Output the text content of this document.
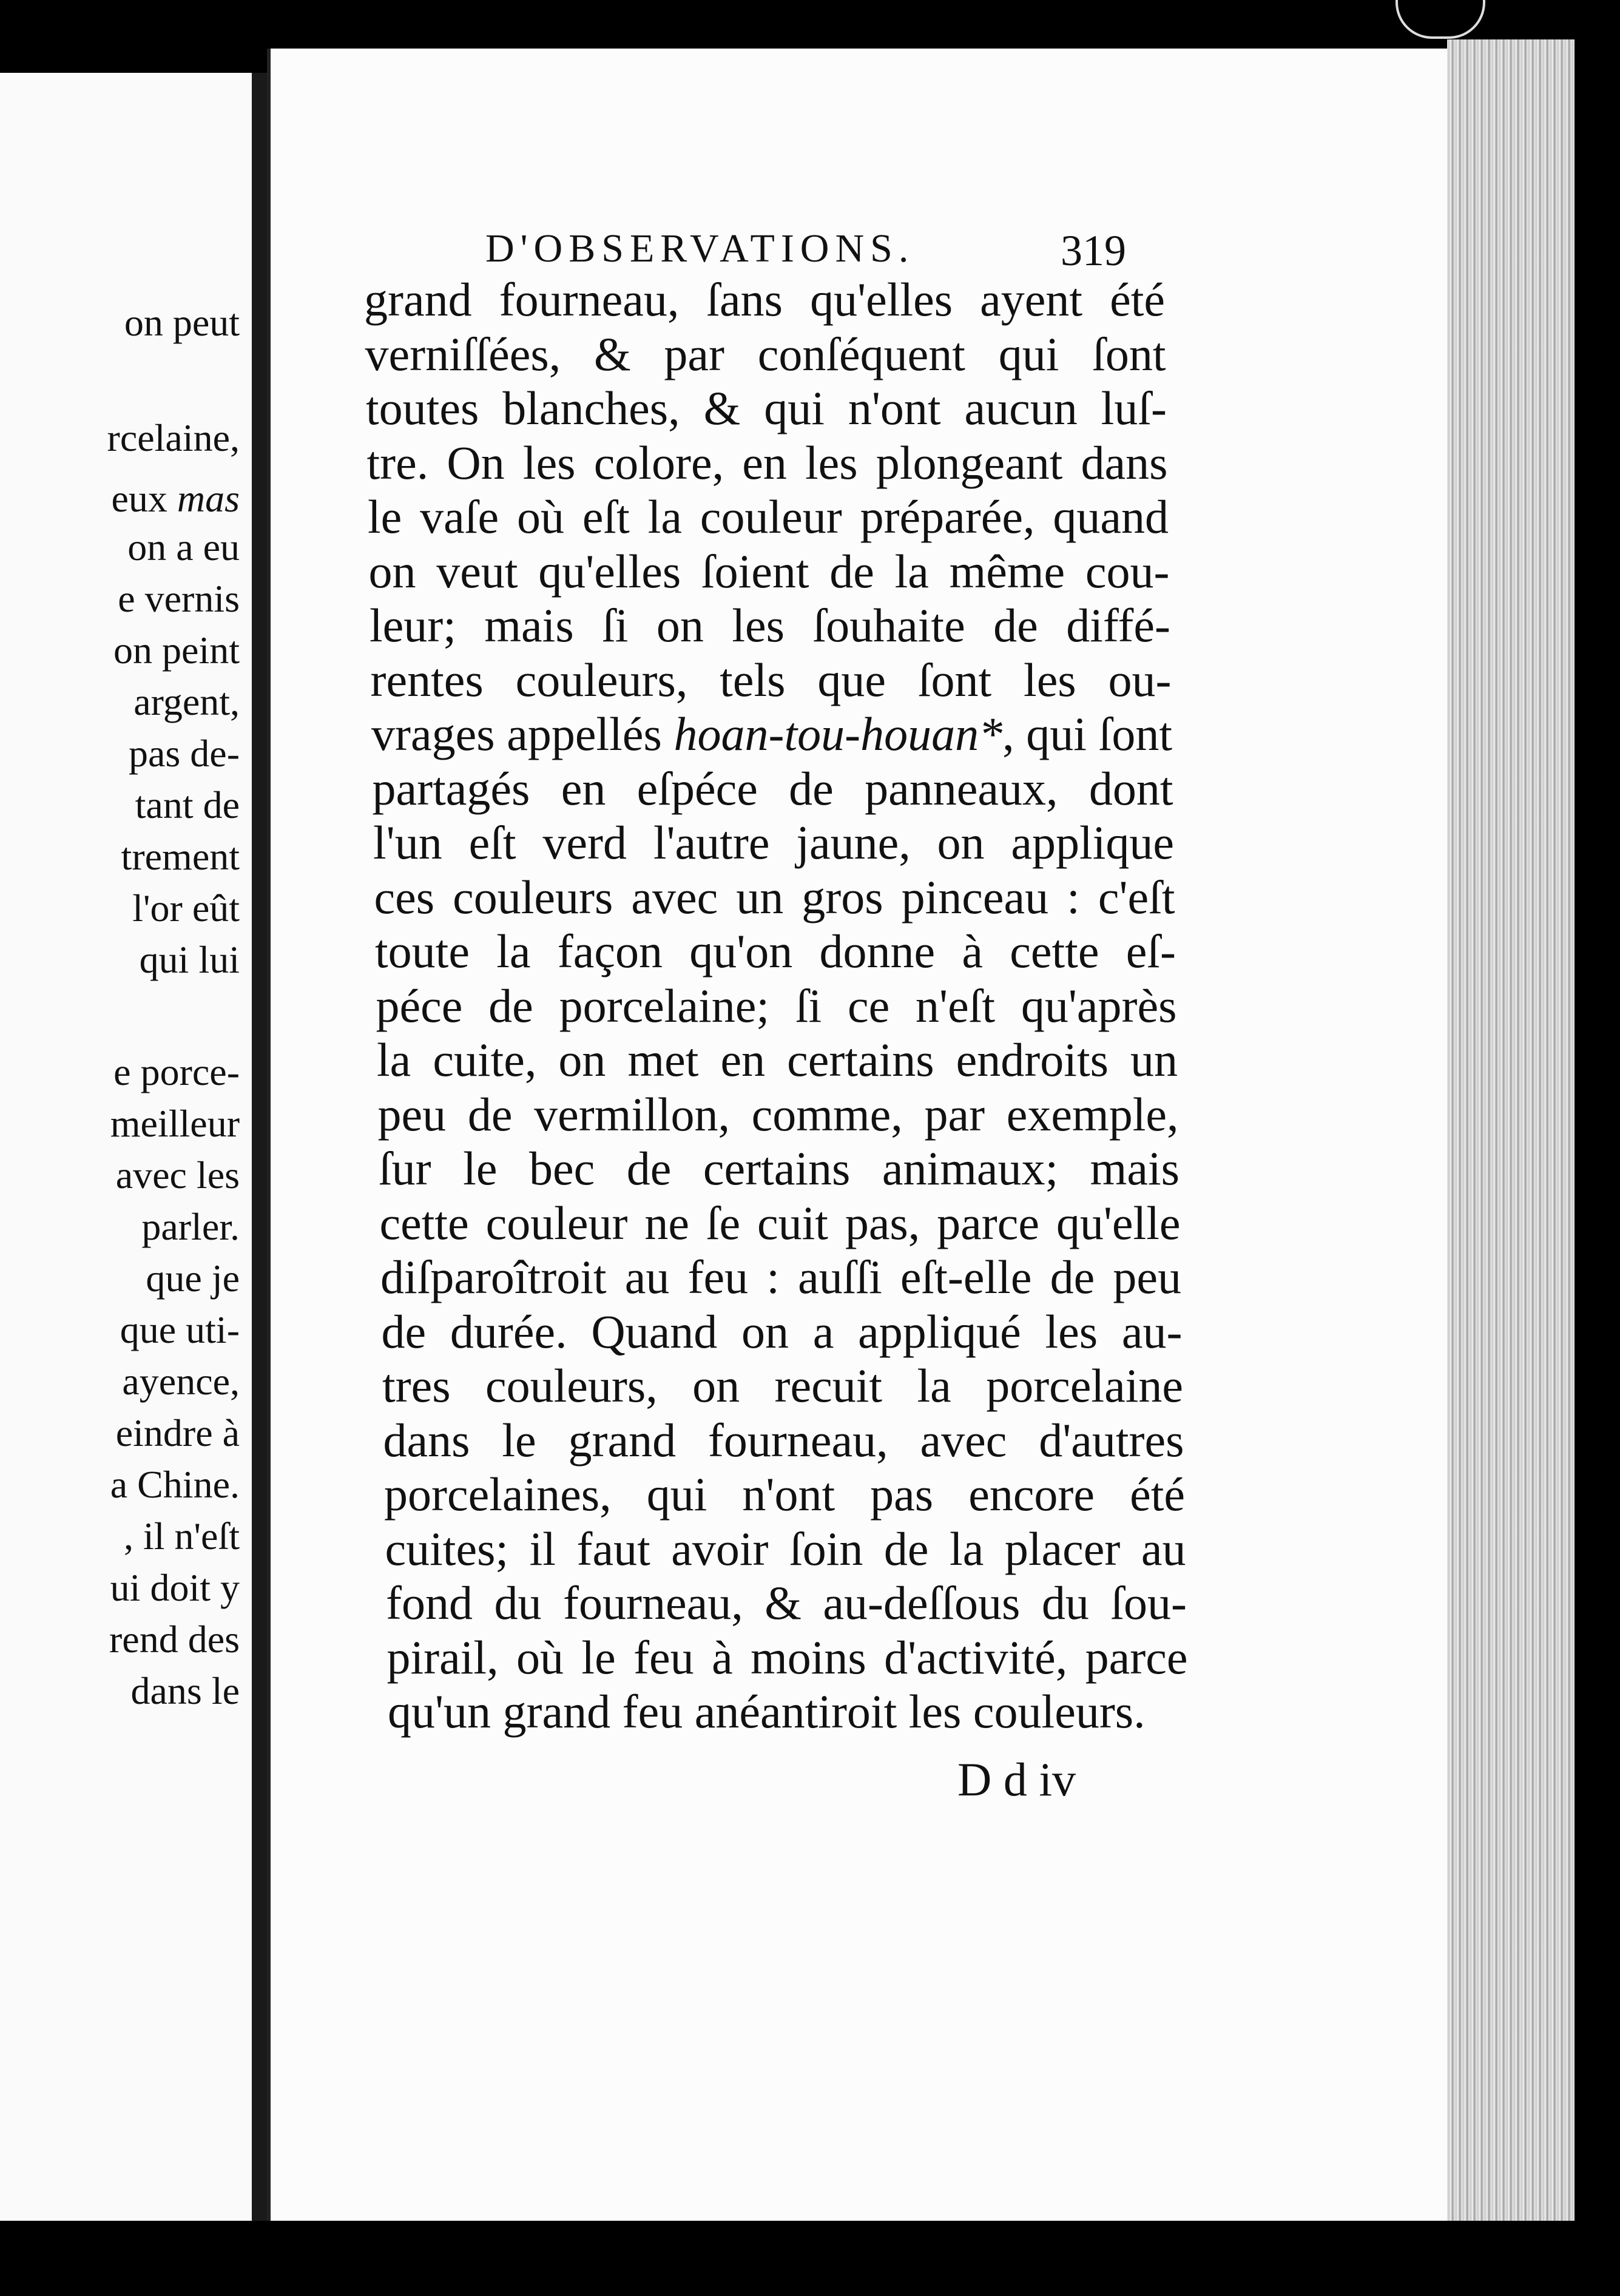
on peut
rcelaine,
eux mas
on a eu
e vernis
on peint
argent,
pas de-
tant de
trement
l'or eût
qui lui
e porce-
meilleur
avec les
parler.
que je
que uti-
ayence,
eindre à
a Chine.
, il n'eſt
ui doit y
rend des
dans le
D'OBSERVATIONS.	319
grand fourneau, ſans qu'elles ayent été
verniſſées, & par conſéquent qui ſont
toutes blanches, & qui n'ont aucun luſ-
tre. On les colore, en les plongeant dans
le vaſe où eſt la couleur préparée, quand
on veut qu'elles ſoient de la même cou-
leur; mais ſi on les ſouhaite de diffé-
rentes couleurs, tels que ſont les ou-
vrages appellés hoan-tou-houan*, qui ſont
partagés en eſpéce de panneaux, dont
l'un eſt verd l'autre jaune, on applique
ces couleurs avec un gros pinceau : c'eſt
toute la façon qu'on donne à cette eſ-
péce de porcelaine; ſi ce n'eſt qu'après
la cuite, on met en certains endroits un
peu de vermillon, comme, par exemple,
ſur le bec de certains animaux; mais
cette couleur ne ſe cuit pas, parce qu'elle
diſparoîtroit au feu : auſſi eſt-elle de peu
de durée. Quand on a appliqué les au-
tres couleurs, on recuit la porcelaine
dans le grand fourneau, avec d'autres
porcelaines, qui n'ont pas encore été
cuites; il faut avoir ſoin de la placer au
fond du fourneau, & au-deſſous du ſou-
pirail, où le feu à moins d'activité, parce
qu'un grand feu anéantiroit les couleurs.
D d iv
